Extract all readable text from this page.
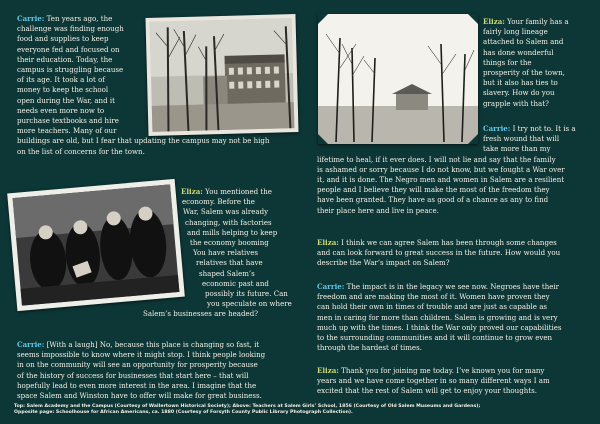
Carrie: Ten years ago, the
challenge was finding enough
food and supplies to keep
everyone fed and focused on
their education. Today, the
campus is struggling because
of its age. It took a lot of
money to keep the school
open during the War, and it
needs even more now to
purchase textbooks and hire
more teachers. Many of our
buildings are old, but I fear that updating the campus may not be high
on the list of concerns for the town.
Eliza: You mentioned the
economy. Before the
War, Salem was already
changing, with factories
and mills helping to keep
the economy booming
You have relatives
relatives that have
shaped Salem’s
economic past and
possibly its future. Can
you speculate on where
Salem’s businesses are headed?
Carrie: [With a laugh] No, because this place is changing so fast, it
seems impossible to know where it might stop. I think people looking
in on the community will see an opportunity for prosperity because
of the history of success for businesses that start here – that will
hopefully lead to even more interest in the area. I imagine that the
space Salem and Winston have to offer will make for great business.
Eliza: Your family has a
fairly long lineage
attached to Salem and
has done wonderful
things for the
prosperity of the town,
but it also has ties to
slavery. How do you
grapple with that?
Carrie: I try not to. It is a
fresh wound that will
take more than my
lifetime to heal, if it ever does. I will not lie and say that the family
is ashamed or sorry because I do not know, but we fought a War over
it, and it is done. The Negro men and women in Salem are a resilient
people and I believe they will make the most of the freedom they
have been granted. They have as good of a chance as any to find
their place here and live in peace.
Eliza: I think we can agree Salem has been through some changes
and can look forward to great success in the future. How would you
describe the War’s impact on Salem?
Carrie: The impact is in the legacy we see now. Negroes have their
freedom and are making the most of it. Women have proven they
can hold their own in times of trouble and are just as capable as
men in caring for more than children. Salem is growing and is very
much up with the times. I think the War only proved our capabilities
to the surrounding communities and it will continue to grow even
through the hardest of times.
Eliza: Thank you for joining me today. I’ve known you for many
years and we have come together in so many different ways I am
excited that the rest of Salem will get to enjoy your thoughts.
Top: Salem Academy and the Campus (Courtesy of Wallertown Historical Society); Above: Teachers at Salem Girls’ School, 1856 (Courtesy of Old Salem Museums and Gardens);
Opposite page: Schoolhouse for African Americans, ca. 1880 (Courtesy of Forsyth County Public Library Photograph Collection).
